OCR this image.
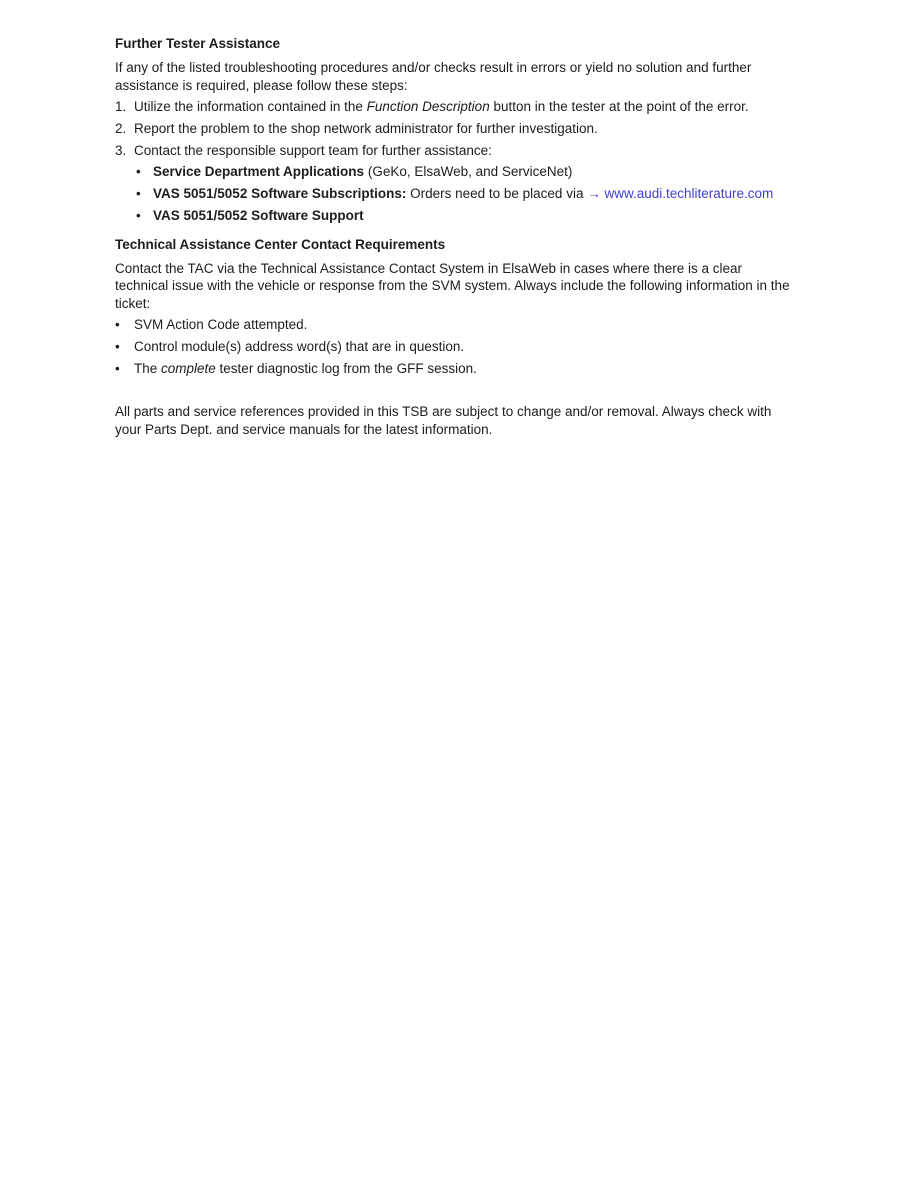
Further Tester Assistance
If any of the listed troubleshooting procedures and/or checks result in errors or yield no solution and further
assistance is required, please follow these steps:
1. Utilize the information contained in the Function Description button in the tester at the point of the error.
2. Report the problem to the shop network administrator for further investigation.
3. Contact the responsible support team for further assistance:
• Service Department Applications (GeKo, ElsaWeb, and ServiceNet)
• VAS 5051/5052 Software Subscriptions: Orders need to be placed via → www.audi.techliterature.com
• VAS 5051/5052 Software Support
Technical Assistance Center Contact Requirements
Contact the TAC via the Technical Assistance Contact System in ElsaWeb in cases where there is a clear
technical issue with the vehicle or response from the SVM system. Always include the following information in the
ticket:
•	SVM Action Code attempted.
•	Control module(s) address word(s) that are in question.
•	The complete tester diagnostic log from the GFF session.
All parts and service references provided in this TSB are subject to change and/or removal. Always check with
your Parts Dept. and service manuals for the latest information.
